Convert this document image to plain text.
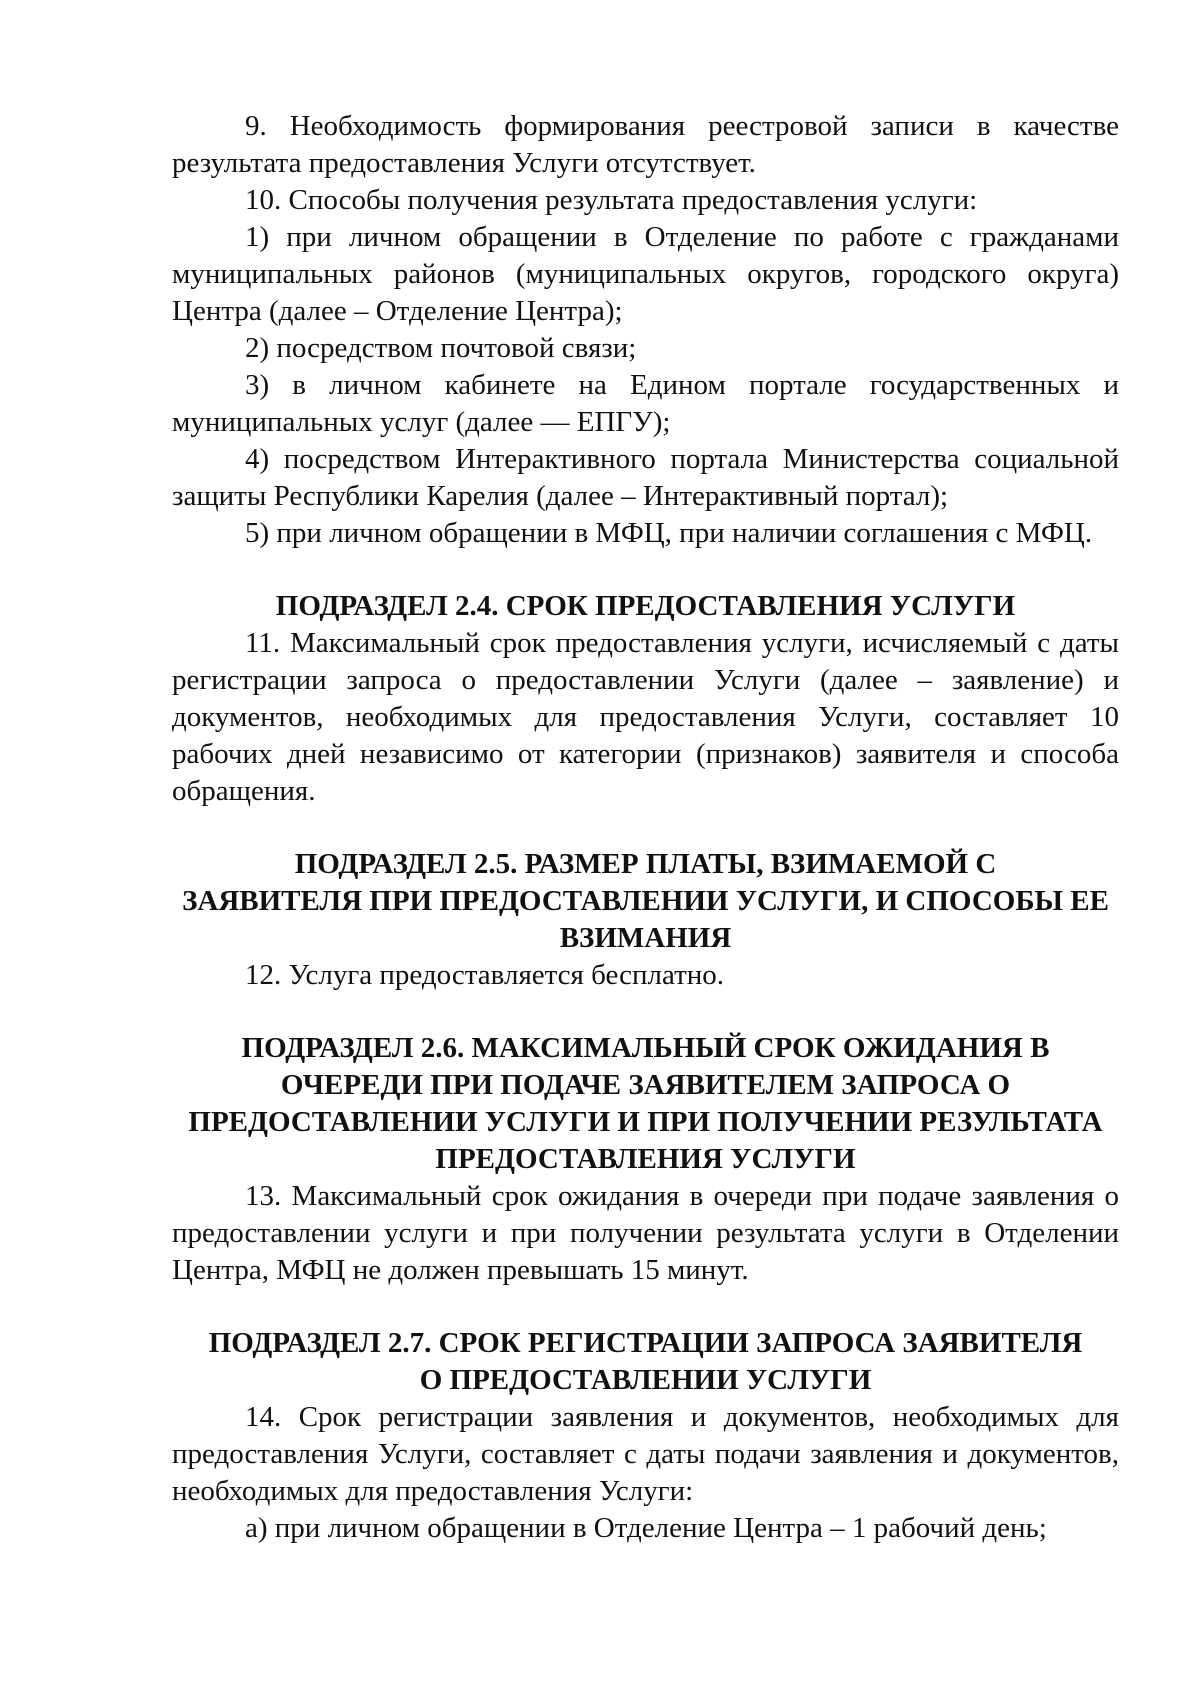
9. Необходимость формирования реестровой записи в качестве результата предоставления Услуги отсутствует.

10. Способы получения результата предоставления услуги:

1) при личном обращении в Отделение по работе с гражданами муниципальных районов (муниципальных округов, городского округа) Центра (далее – Отделение Центра);

2) посредством почтовой связи;

3) в личном кабинете на Едином портале государственных и муниципальных услуг (далее — ЕПГУ);

4) посредством Интерактивного портала Министерства социальной защиты Республики Карелия (далее – Интерактивный портал);

5) при личном обращении в МФЦ, при наличии соглашения с МФЦ.

ПОДРАЗДЕЛ 2.4. СРОК ПРЕДОСТАВЛЕНИЯ УСЛУГИ

11. Максимальный срок предоставления услуги, исчисляемый с даты регистрации запроса о предоставлении Услуги (далее – заявление) и документов, необходимых для предоставления Услуги, составляет 10 рабочих дней независимо от категории (признаков) заявителя и способа обращения.

ПОДРАЗДЕЛ 2.5. РАЗМЕР ПЛАТЫ, ВЗИМАЕМОЙ С
ЗАЯВИТЕЛЯ ПРИ ПРЕДОСТАВЛЕНИИ УСЛУГИ, И СПОСОБЫ ЕЕ
ВЗИМАНИЯ

12. Услуга предоставляется бесплатно.

ПОДРАЗДЕЛ 2.6. МАКСИМАЛЬНЫЙ СРОК ОЖИДАНИЯ В
ОЧЕРЕДИ ПРИ ПОДАЧЕ ЗАЯВИТЕЛЕМ ЗАПРОСА О
ПРЕДОСТАВЛЕНИИ УСЛУГИ И ПРИ ПОЛУЧЕНИИ РЕЗУЛЬТАТА
ПРЕДОСТАВЛЕНИЯ УСЛУГИ

13. Максимальный срок ожидания в очереди при подаче заявления о предоставлении услуги и при получении результата услуги в Отделении Центра, МФЦ не должен превышать 15 минут.

ПОДРАЗДЕЛ 2.7. СРОК РЕГИСТРАЦИИ ЗАПРОСА ЗАЯВИТЕЛЯ
О ПРЕДОСТАВЛЕНИИ УСЛУГИ

14. Срок регистрации заявления и документов, необходимых для предоставления Услуги, составляет с даты подачи заявления и документов, необходимых для предоставления Услуги:

а) при личном обращении в Отделение Центра – 1 рабочий день;
